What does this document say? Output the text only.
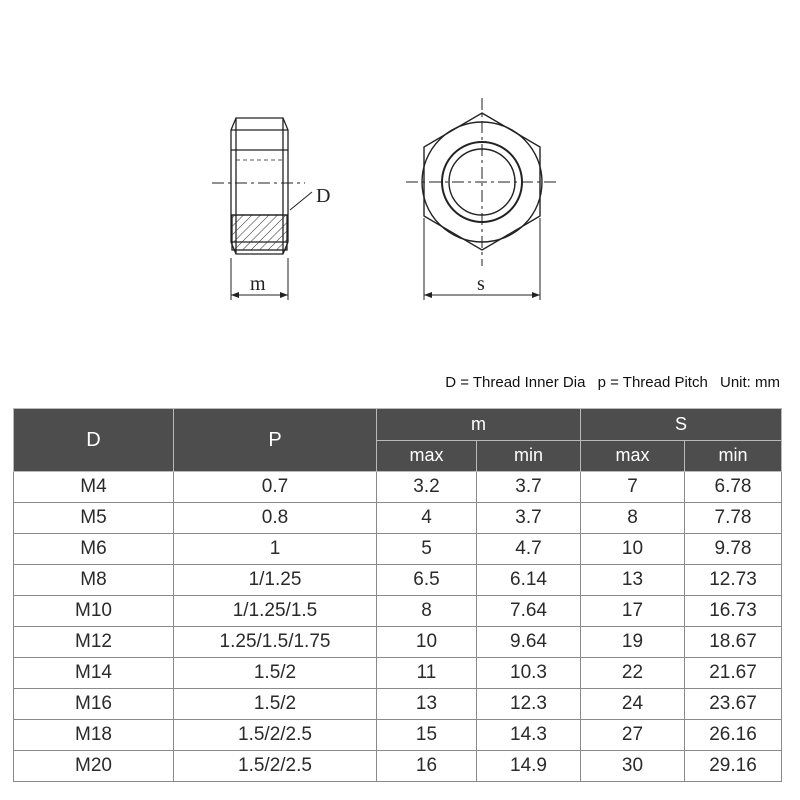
D
m	s
D = Thread Inner Dia p = Thread Pitch Unit: mm
D	P	m		S	
		max	min	max	min
M4	0.7	3.2	3.7	7	6.78
M5	0.8	4	3.7	8	7.78
M6	1	5	4.7	10	9.78
M8	1/1.25	6.5	6.14	13	12.73
M10	1/1.25/1.5	8	7.64	17	16.73
M12	1.25/1.5/1.75	10	9.64	19	18.67
M14	1.5/2	11	10.3	22	21.67
M16	1.5/2	13	12.3	24	23.67
M18	1.5/2/2.5	15	14.3	27	26.16
M20	1.5/2/2.5	16	14.9	30	29.16
